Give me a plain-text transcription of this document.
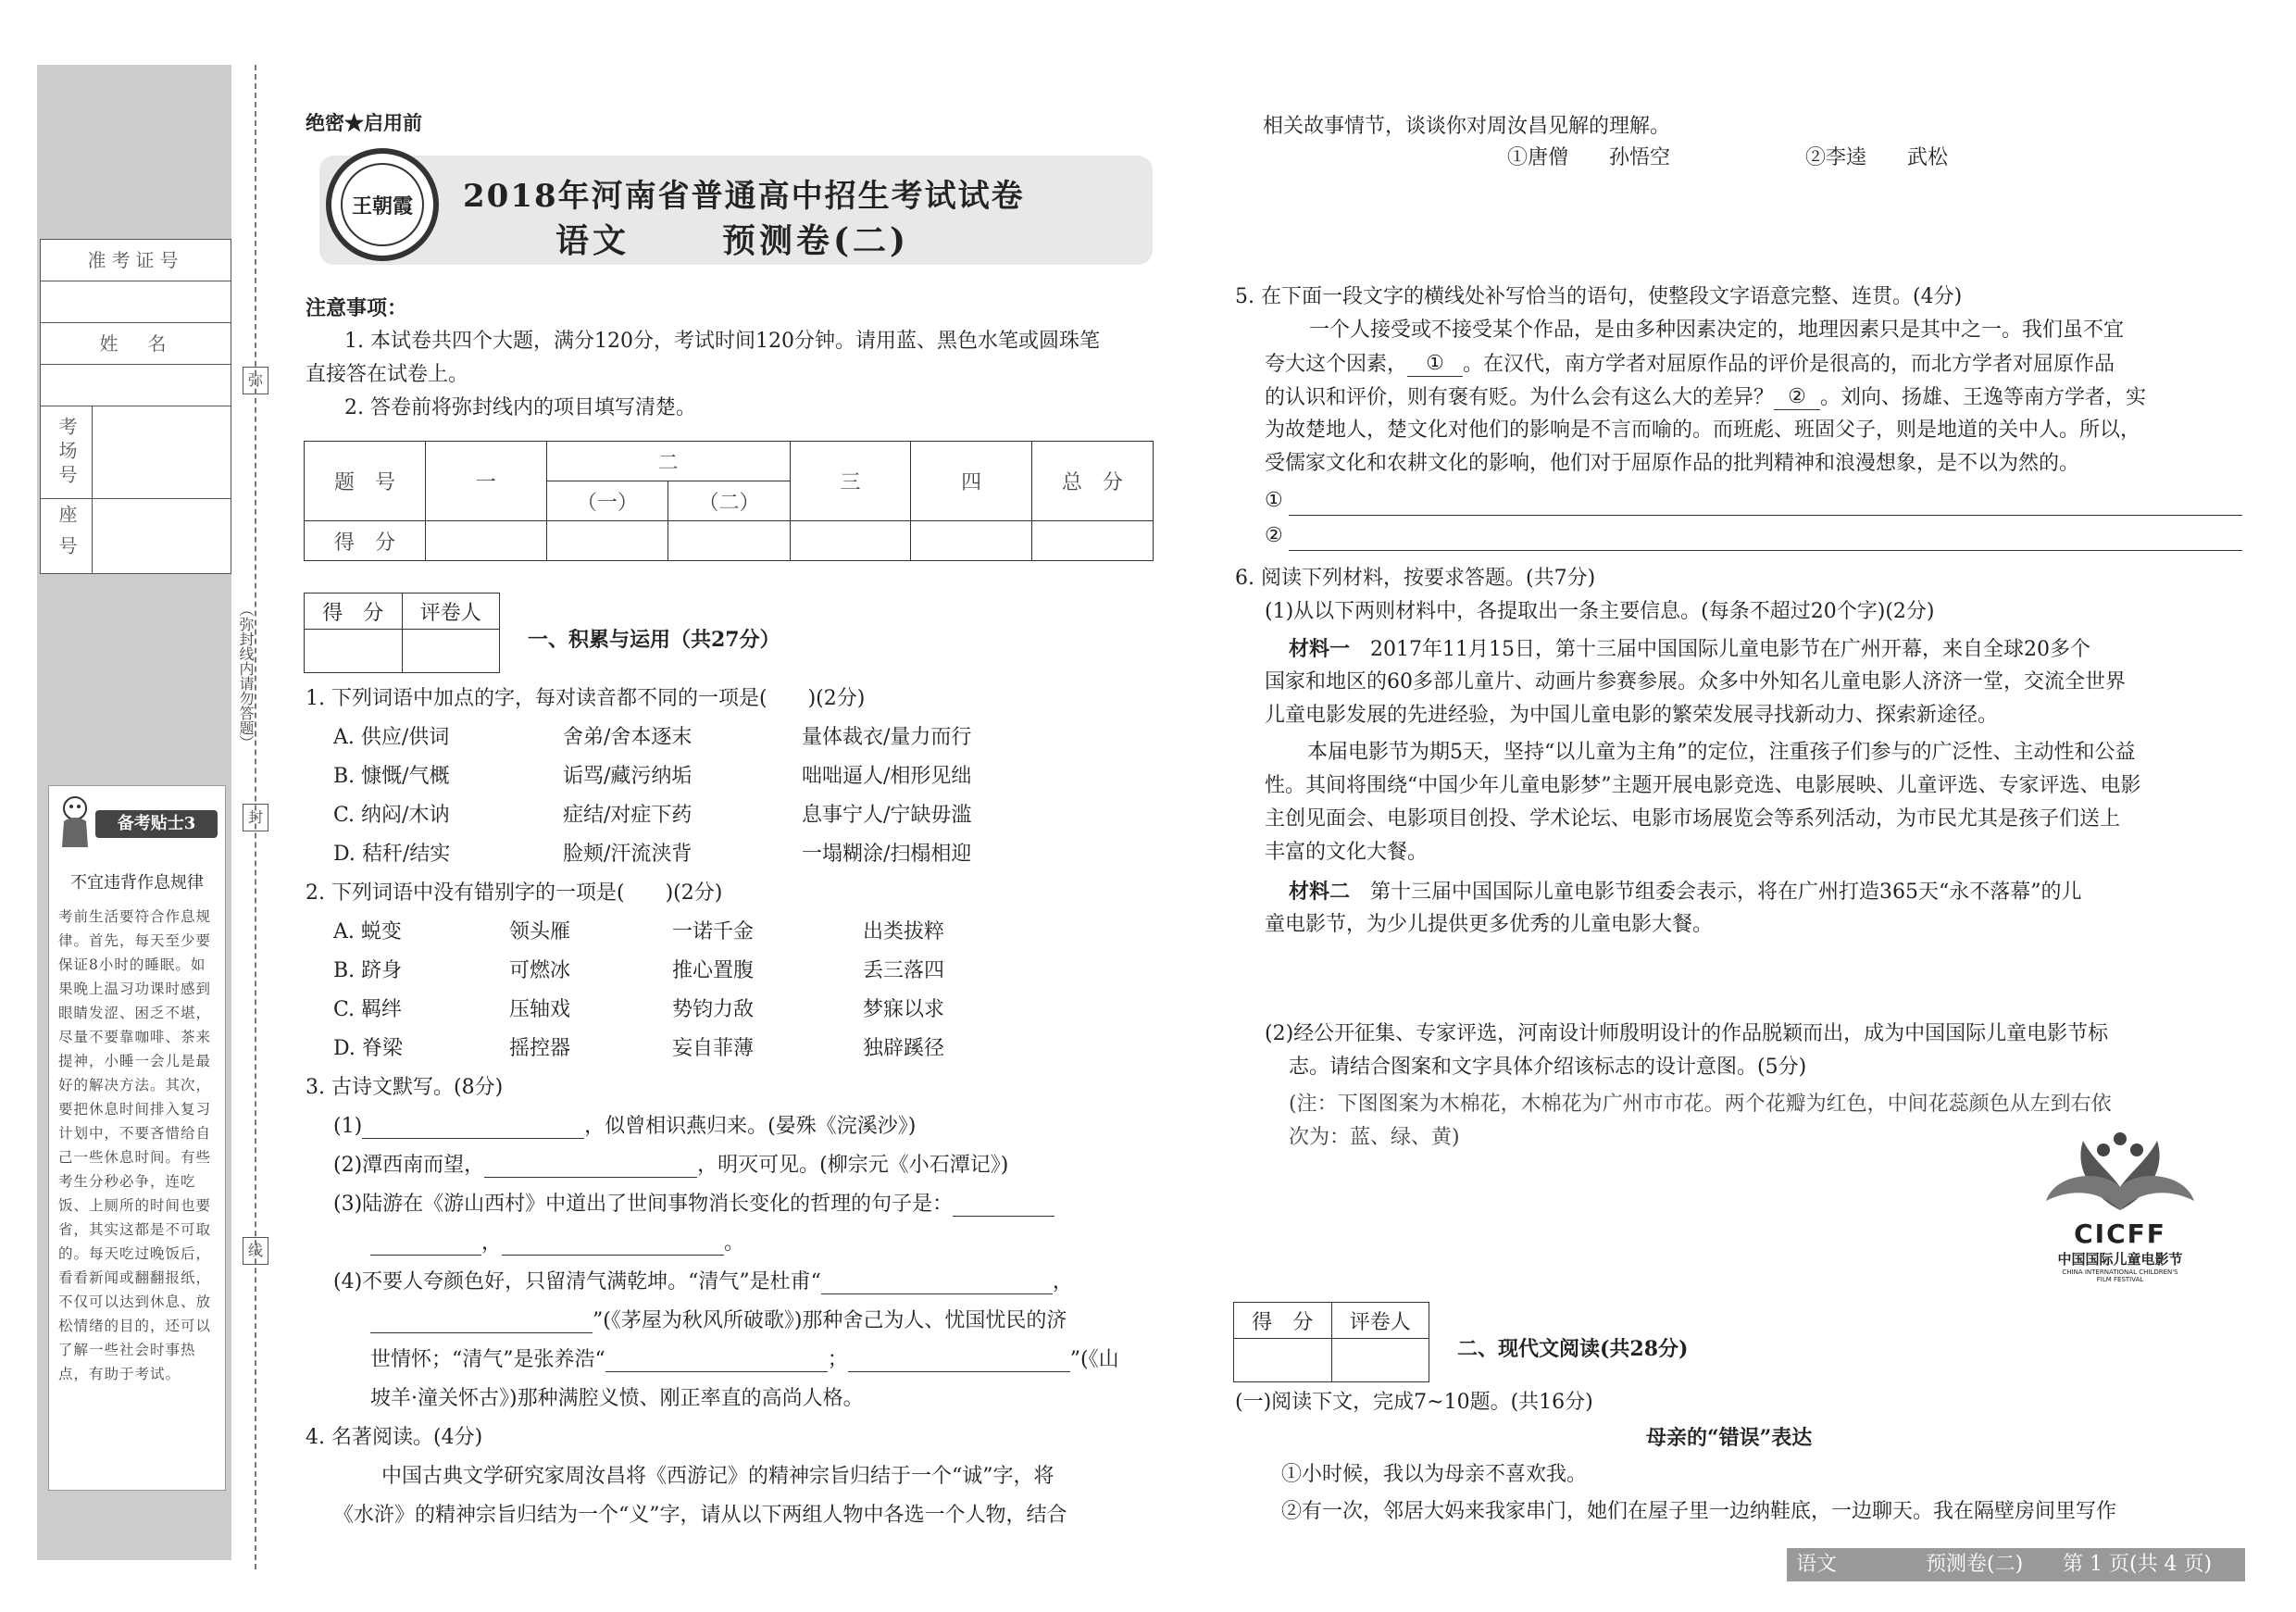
准考证号
姓　名
考场号
座号
弥
封
线
（弥封线内请勿答题）
备考贴士3
不宜违背作息规律
考前生活要符合作息规律。首先，每天至少要保证8小时的睡眠。如果晚上温习功课时感到眼睛发涩、困乏不堪，尽量不要靠咖啡、茶来提神，小睡一会儿是最好的解决方法。其次，要把休息时间排入复习计划中，不要吝惜给自己一些休息时间。有些考生分秒必争，连吃饭、上厕所的时间也要省，其实这都是不可取的。每天吃过晚饭后，看看新闻或翻翻报纸，不仅可以达到休息、放松情绪的目的，还可以了解一些社会时事热点，有助于考试。
绝密★启用前
王朝霞	2018年河南省普通高中招生考试试卷
语文	预测卷(二)
注意事项：
1. 本试卷共四个大题，满分120分，考试时间120分钟。请用蓝、黑色水笔或圆珠笔
直接答在试卷上。
2. 答卷前将弥封线内的项目填写清楚。
题　号	一	二		三	四	总　分
		（一）	（二）			
得　分						
得　分	评卷人

一、积累与运用（共27分）
1. 下列词语中加点的字，每对读音都不同的一项是(　　)(2分)
A. 供应/供词	舍弟/舍本逐末	量体裁衣/量力而行
B. 慷慨/气概	诟骂/藏污纳垢	咄咄逼人/相形见绌
C. 纳闷/木讷	症结/对症下药	息事宁人/宁缺毋滥
D. 秸秆/结实	脸颊/汗流浃背	一塌糊涂/扫榻相迎
2. 下列词语中没有错别字的一项是(　　)(2分)
A. 蜕变	领头雁	一诺千金	出类拔粹
B. 跻身	可燃冰	推心置腹	丢三落四
C. 羁绊	压轴戏	势钧力敌	梦寐以求
D. 脊梁	摇控器	妄自菲薄	独辟蹊径
3. 古诗文默写。(8分)
(1)	，似曾相识燕归来。(晏殊《浣溪沙》)
(2)潭西南而望，	，明灭可见。(柳宗元《小石潭记》)
(3)陆游在《游山西村》中道出了世间事物消长变化的哲理的句子是：
，	。
(4)不要人夸颜色好，只留清气满乾坤。“清气”是杜甫“	，
”(《茅屋为秋风所破歌》)那种舍己为人、忧国忧民的济
世情怀；“清气”是张养浩“	；	”(《山
坡羊·潼关怀古》)那种满腔义愤、刚正率直的高尚人格。
4. 名著阅读。(4分)
中国古典文学研究家周汝昌将《西游记》的精神宗旨归结于一个“诚”字，将
《水浒》的精神宗旨归结为一个“义”字，请从以下两组人物中各选一个人物，结合
相关故事情节，谈谈你对周汝昌见解的理解。
①唐僧　　孙悟空	②李逵　　武松
5. 在下面一段文字的横线处补写恰当的语句，使整段文字语意完整、连贯。(4分)
一个人接受或不接受某个作品，是由多种因素决定的，地理因素只是其中之一。我们虽不宜
夸大这个因素， ① 。在汉代，南方学者对屈原作品的评价是很高的，而北方学者对屈原作品
的认识和评价，则有褒有贬。为什么会有这么大的差异？ ② 。刘向、扬雄、王逸等南方学者，实
为故楚地人，楚文化对他们的影响是不言而喻的。而班彪、班固父子，则是地道的关中人。所以，
受儒家文化和农耕文化的影响，他们对于屈原作品的批判精神和浪漫想象，是不以为然的。
①
②
6. 阅读下列材料，按要求答题。(共7分)
(1)从以下两则材料中，各提取出一条主要信息。(每条不超过20个字)(2分)
材料一　 2017年11月15日，第十三届中国国际儿童电影节在广州开幕，来自全球20多个
国家和地区的60多部儿童片、动画片参赛参展。众多中外知名儿童电影人济济一堂，交流全世界
儿童电影发展的先进经验，为中国儿童电影的繁荣发展寻找新动力、探索新途径。
本届电影节为期5天，坚持“以儿童为主角”的定位，注重孩子们参与的广泛性、主动性和公益
性。其间将围绕“中国少年儿童电影梦”主题开展电影竞选、电影展映、儿童评选、专家评选、电影
主创见面会、电影项目创投、学术论坛、电影市场展览会等系列活动，为市民尤其是孩子们送上
丰富的文化大餐。
材料二　 第十三届中国国际儿童电影节组委会表示，将在广州打造365天“永不落幕”的儿
童电影节，为少儿提供更多优秀的儿童电影大餐。
(2)经公开征集、专家评选，河南设计师殷明设计的作品脱颖而出，成为中国国际儿童电影节标
志。请结合图案和文字具体介绍该标志的设计意图。(5分)
(注：下图图案为木棉花，木棉花为广州市市花。两个花瓣为红色，中间花蕊颜色从左到右依
次为：蓝、绿、黄)
CICFF
中国国际儿童电影节
CHINA INTERNATIONAL CHILDREN'S
FILM FESTIVAL
得　分	评卷人

二、现代文阅读(共28分)
(一)阅读下文，完成7~10题。(共16分)
母亲的“错误”表达
①小时候，我以为母亲不喜欢我。
②有一次，邻居大妈来我家串门，她们在屋子里一边纳鞋底，一边聊天。我在隔壁房间里写作
语文	预测卷(二) 第 1 页(共 4 页)
